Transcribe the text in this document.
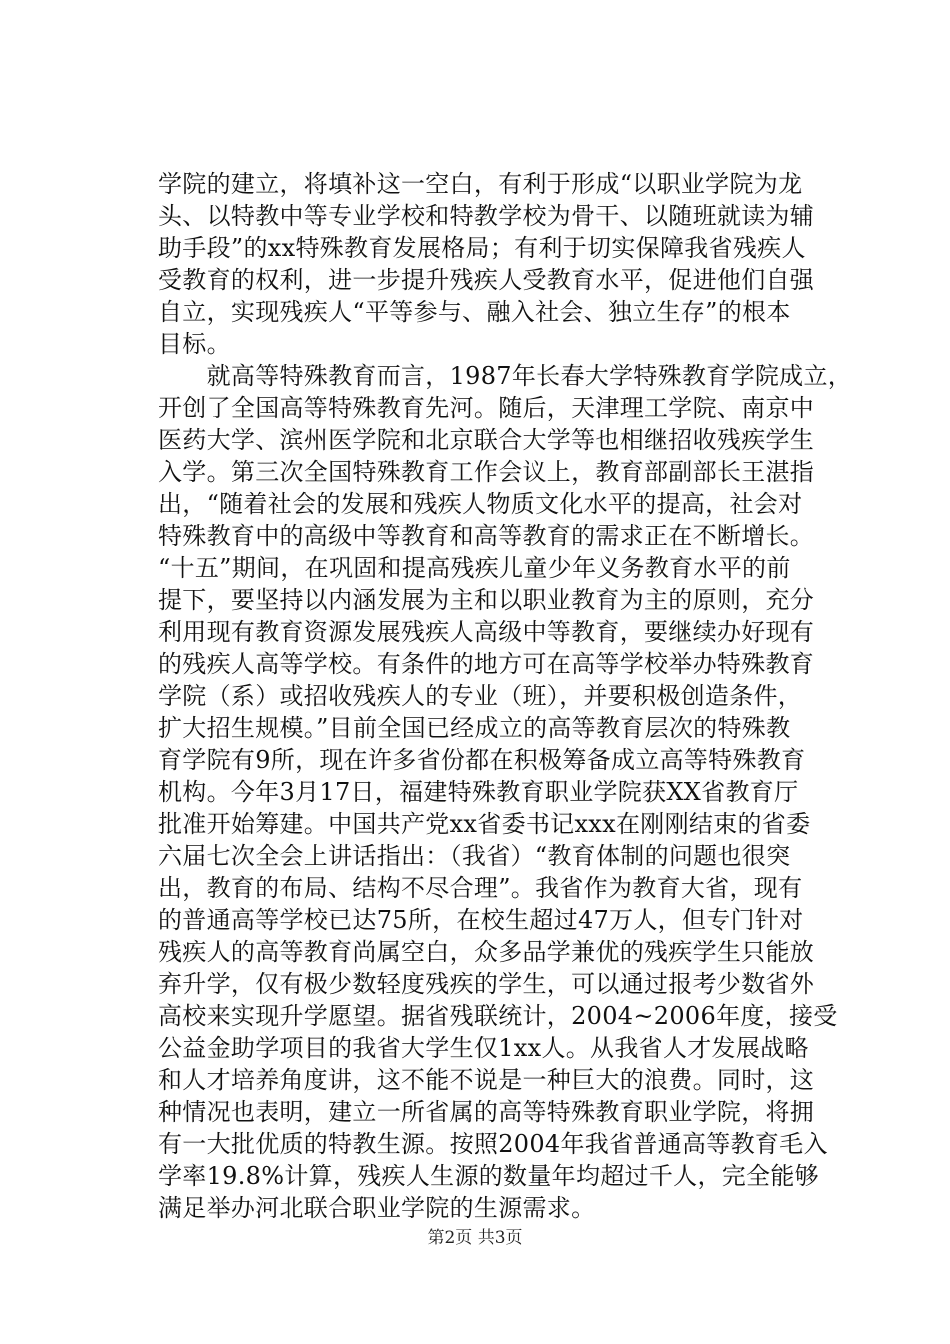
学院的建立，将填补这一空白，有利于形成“以职业学院为龙
头、以特教中等专业学校和特教学校为骨干、以随班就读为辅
助手段”的xx特殊教育发展格局；有利于切实保障我省残疾人
受教育的权利，进一步提升残疾人受教育水平，促进他们自强
自立，实现残疾人“平等参与、融入社会、独立生存”的根本
目标。
　　就高等特殊教育而言，1987年长春大学特殊教育学院成立，
开创了全国高等特殊教育先河。随后，天津理工学院、南京中
医药大学、滨州医学院和北京联合大学等也相继招收残疾学生
入学。第三次全国特殊教育工作会议上，教育部副部长王湛指
出，“随着社会的发展和残疾人物质文化水平的提高，社会对
特殊教育中的高级中等教育和高等教育的需求正在不断增长。
“十五”期间，在巩固和提高残疾儿童少年义务教育水平的前
提下，要坚持以内涵发展为主和以职业教育为主的原则，充分
利用现有教育资源发展残疾人高级中等教育，要继续办好现有
的残疾人高等学校。有条件的地方可在高等学校举办特殊教育
学院（系）或招收残疾人的专业（班），并要积极创造条件，
扩大招生规模。”目前全国已经成立的高等教育层次的特殊教
育学院有9所，现在许多省份都在积极筹备成立高等特殊教育
机构。今年3月17日，福建特殊教育职业学院获XX省教育厅
批准开始筹建。中国共产党xx省委书记xxx在刚刚结束的省委
六届七次全会上讲话指出：（我省）“教育体制的问题也很突
出，教育的布局、结构不尽合理”。我省作为教育大省，现有
的普通高等学校已达75所，在校生超过47万人，但专门针对
残疾人的高等教育尚属空白，众多品学兼优的残疾学生只能放
弃升学，仅有极少数轻度残疾的学生，可以通过报考少数省外
高校来实现升学愿望。据省残联统计，2004~2006年度，接受
公益金助学项目的我省大学生仅1xx人。从我省人才发展战略
和人才培养角度讲，这不能不说是一种巨大的浪费。同时，这
种情况也表明，建立一所省属的高等特殊教育职业学院，将拥
有一大批优质的特教生源。按照2004年我省普通高等教育毛入
学率19.8%计算，残疾人生源的数量年均超过千人，完全能够
满足举办河北联合职业学院的生源需求。
第2页 共3页
